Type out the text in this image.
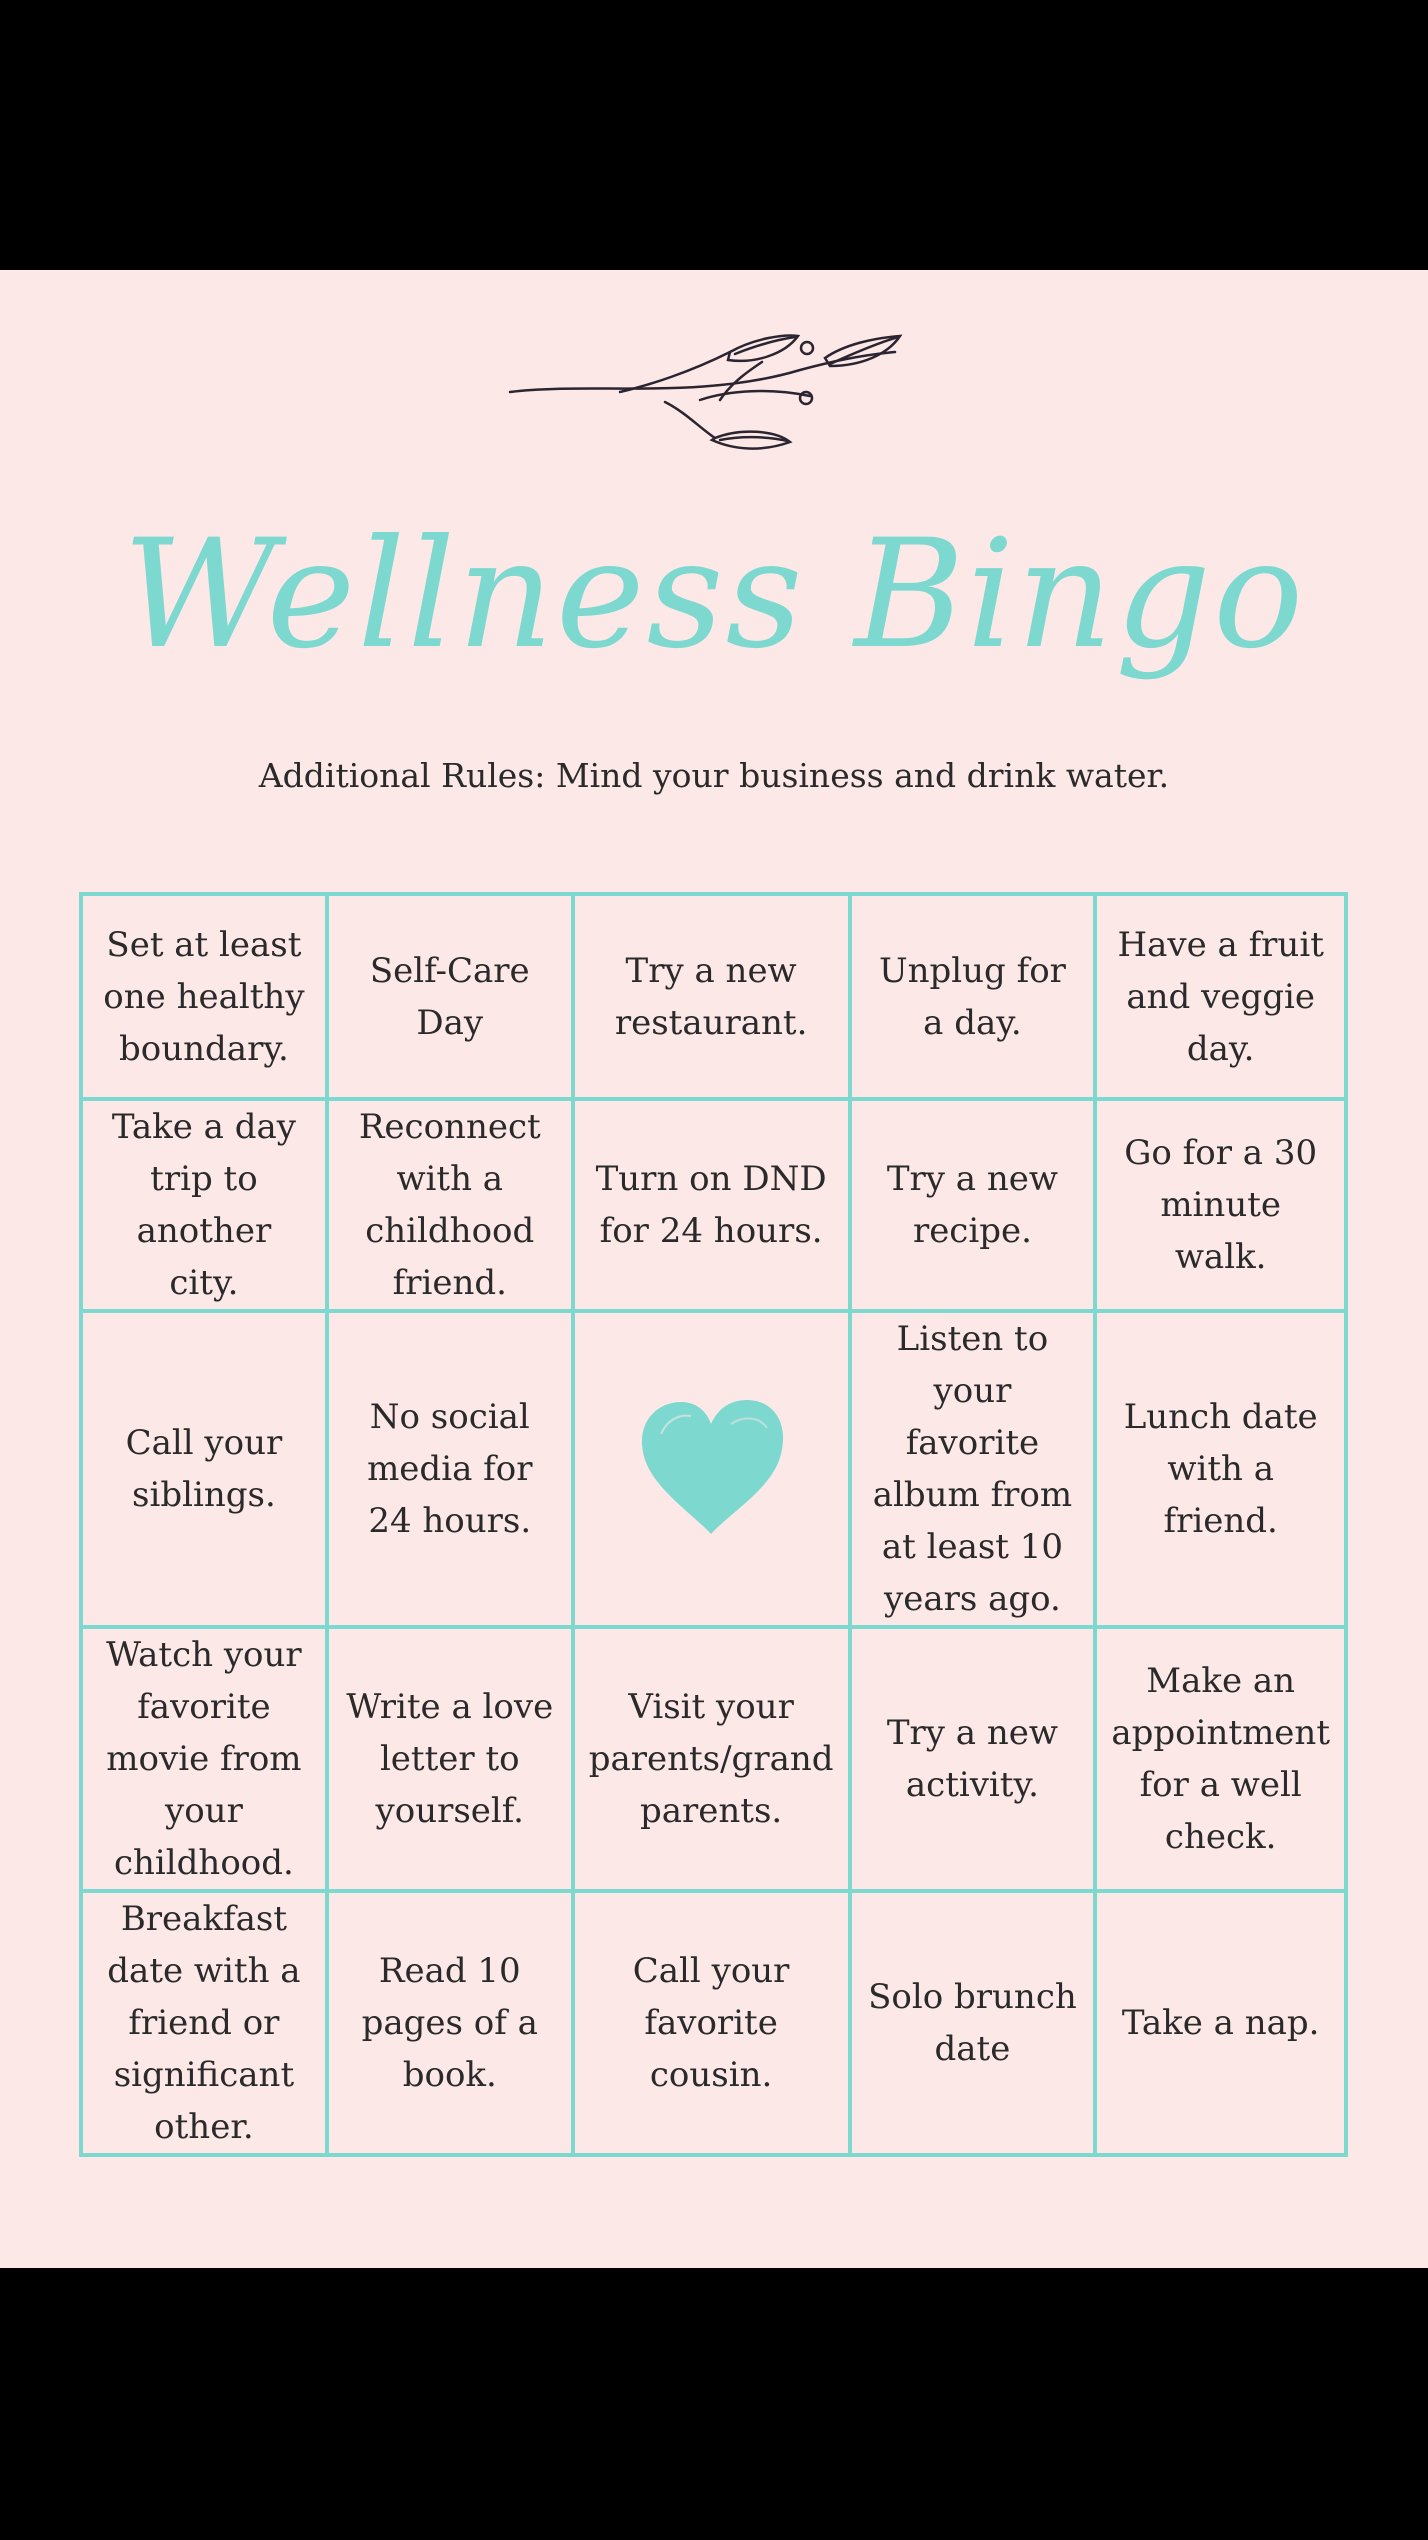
Wellness Bingo
Additional Rules: Mind your business and drink water.
Set at least one healthy boundary.
Self-Care Day
Try a new restaurant.
Unplug for a day.
Have a fruit and veggie day.
Take a day trip to another city.
Reconnect with a childhood friend.
Turn on DND for 24 hours.
Try a new recipe.
Go for a 30 minute walk.
Call your siblings.
No social media for 24 hours.
Listen to your favorite album from at least 10 years ago.
Lunch date with a friend.
Watch your favorite movie from your childhood.
Write a love letter to yourself.
Visit your parents/grand parents.
Try a new activity.
Make an appointment for a well check.
Breakfast date with a friend or significant other.
Read 10 pages of a book.
Call your favorite cousin.
Solo brunch date
Take a nap.
